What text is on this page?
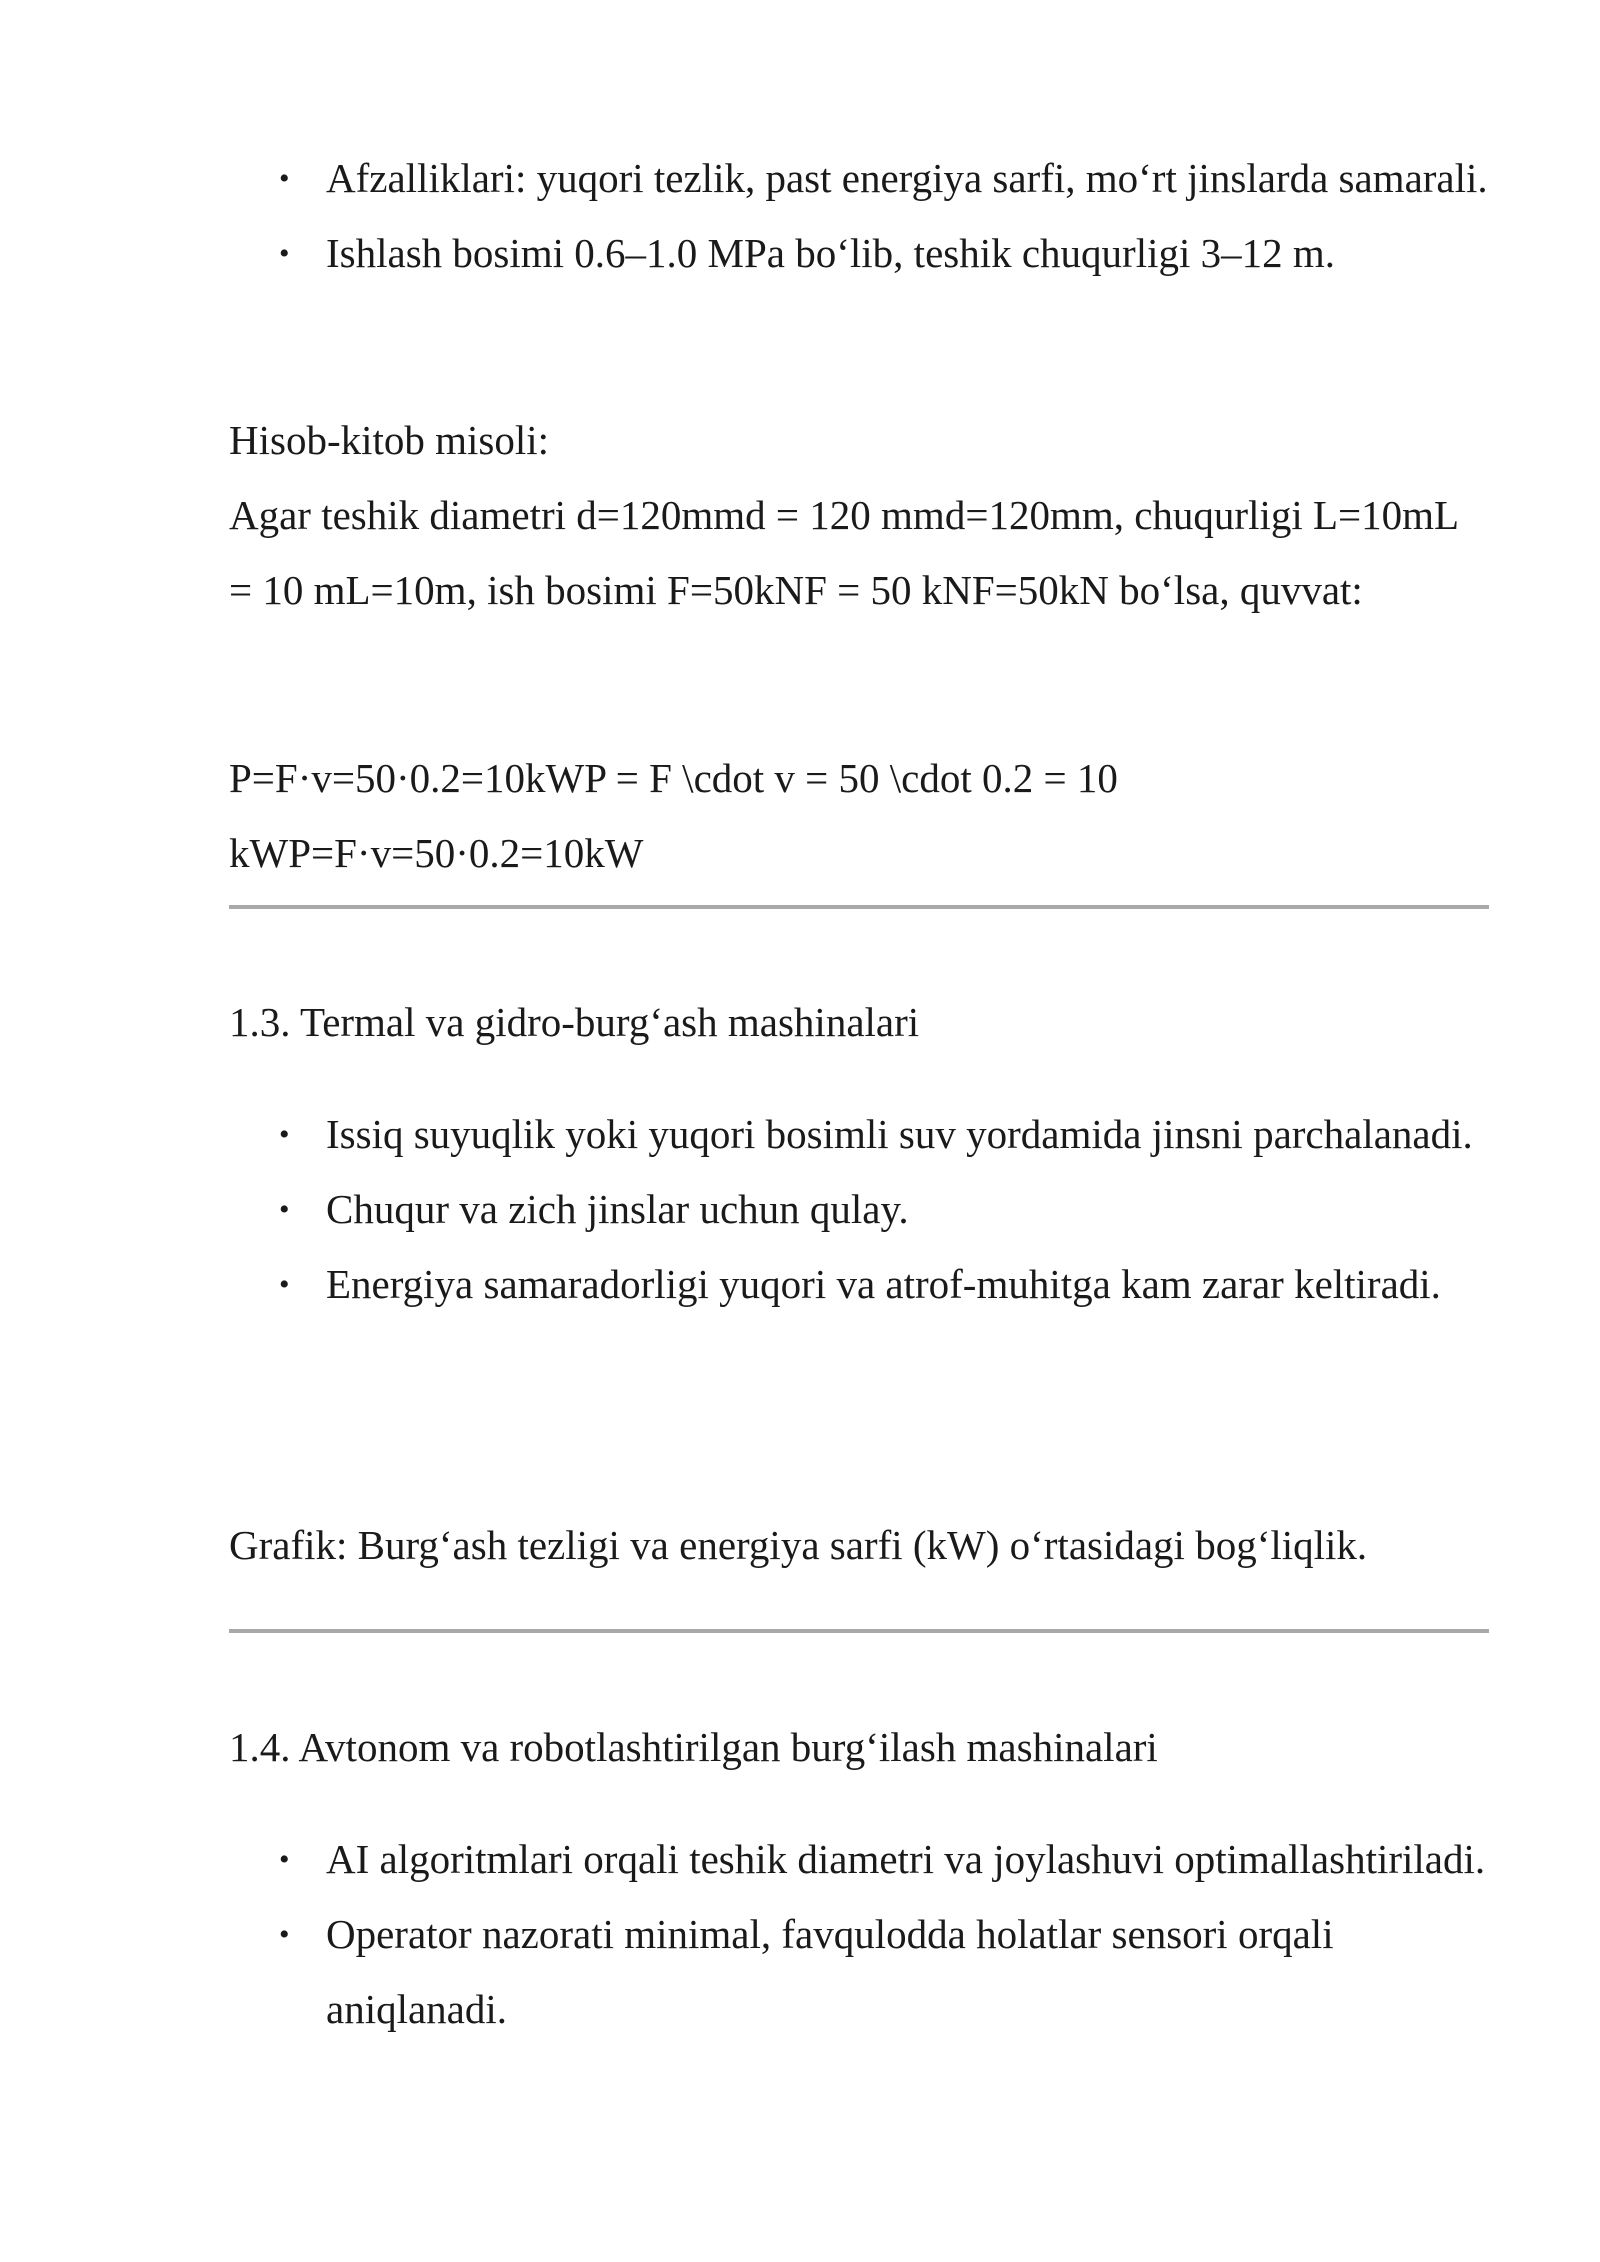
• Afzalliklari: yuqori tezlik, past energiya sarfi, mo‘rt jinslarda samarali.
• Ishlash bosimi 0.6–1.0 MPa bo‘lib, teshik chuqurligi 3–12 m.

Hisob-kitob misoli:

Agar teshik diametri d=120mmd = 120 mmd=120mm, chuqurligi L=10mL = 10 mL=10m, ish bosimi F=50kNF = 50 kNF=50kN bo‘lsa, quvvat:

P=F·v=50·0.2=10kWP = F \cdot v = 50 \cdot 0.2 = 10 kWP=F·v=50·0.2=10kW

1.3. Termal va gidro-burg‘ash mashinalari

• Issiq suyuqlik yoki yuqori bosimli suv yordamida jinsni parchalanadi.
• Chuqur va zich jinslar uchun qulay.
• Energiya samaradorligi yuqori va atrof-muhitga kam zarar keltiradi.

Grafik: Burg‘ash tezligi va energiya sarfi (kW) o‘rtasidagi bog‘liqlik.

1.4. Avtonom va robotlashtirilgan burg‘ilash mashinalari

• AI algoritmlari orqali teshik diametri va joylashuvi optimallashtiriladi.
• Operator nazorati minimal, favqulodda holatlar sensori orqali aniqlanadi.
